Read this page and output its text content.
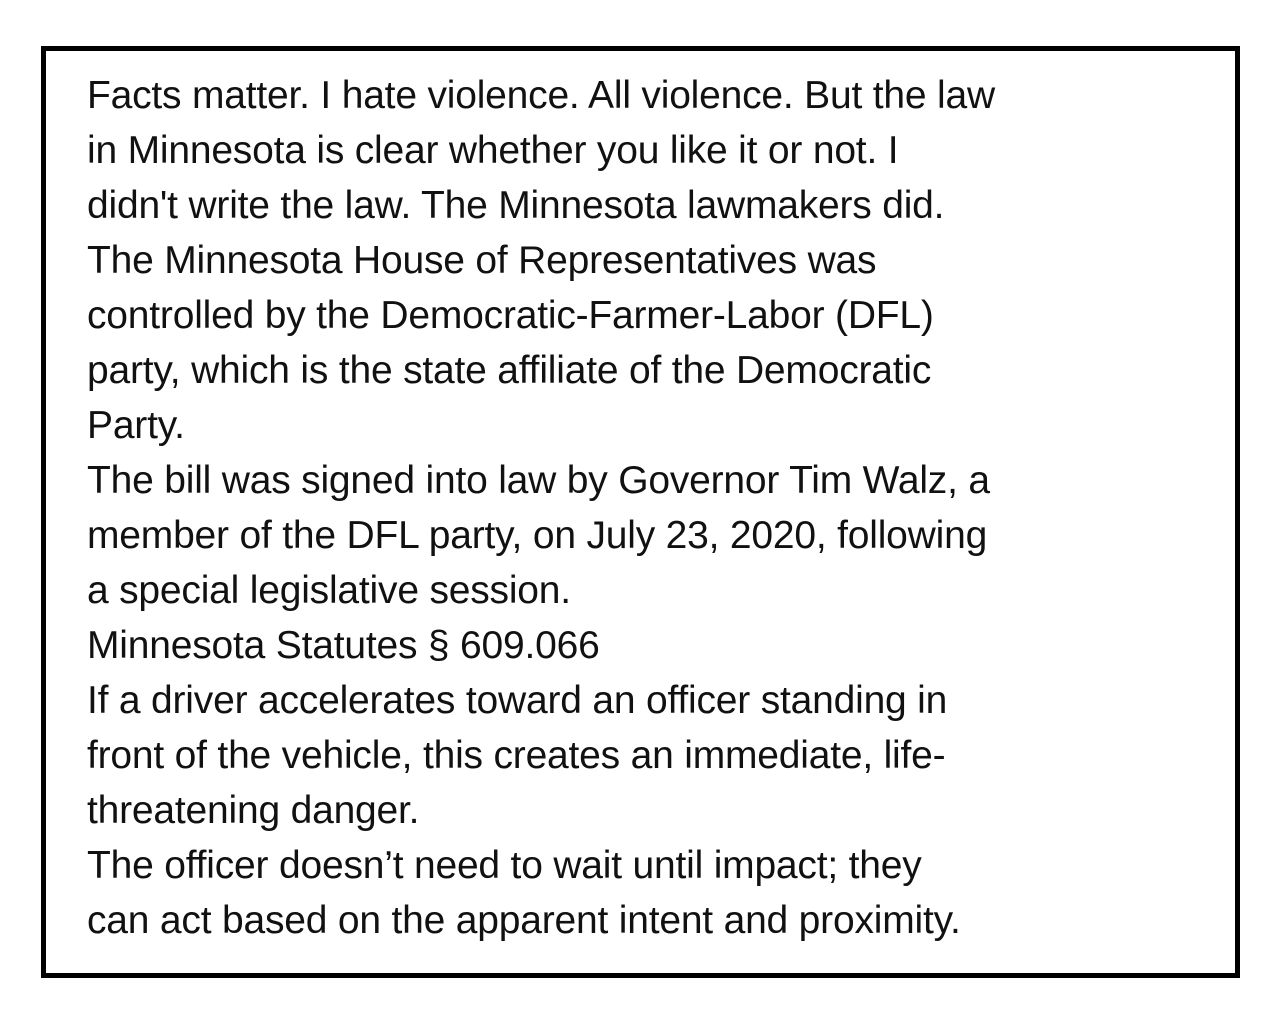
Facts matter. I hate violence. All violence. But the law
in Minnesota is clear whether you like it or not. I
didn't write the law. The Minnesota lawmakers did.
The Minnesota House of Representatives was
controlled by the Democratic-Farmer-Labor (DFL)
party, which is the state affiliate of the Democratic
Party.
The bill was signed into law by Governor Tim Walz, a
member of the DFL party, on July 23, 2020, following
a special legislative session.
Minnesota Statutes § 609.066
If a driver accelerates toward an officer standing in
front of the vehicle, this creates an immediate, life-
threatening danger.
The officer doesn’t need to wait until impact; they
can act based on the apparent intent and proximity.
